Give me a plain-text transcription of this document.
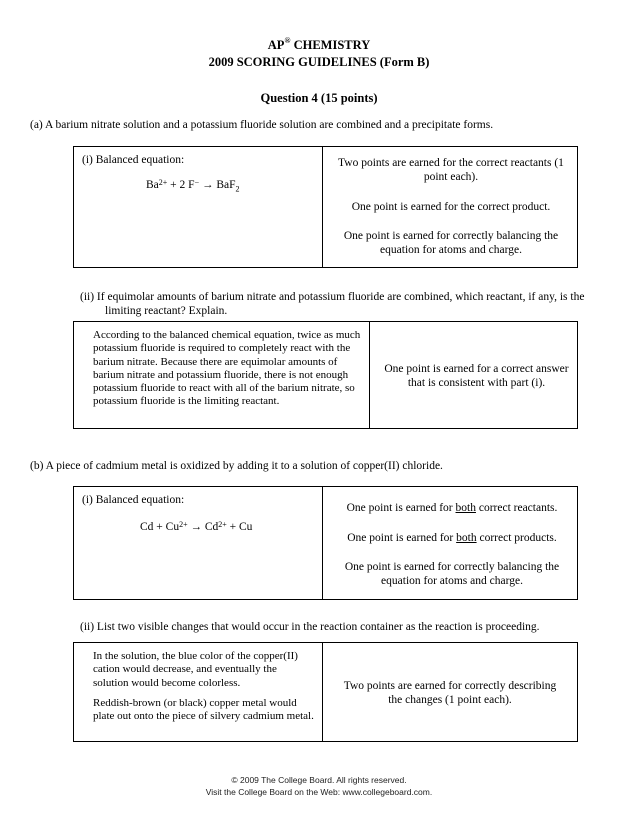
AP® CHEMISTRY
2009 SCORING GUIDELINES (Form B)
Question 4 (15 points)
(a) A barium nitrate solution and a potassium fluoride solution are combined and a precipitate forms.
(i) Balanced equation:
$Ba^{2+} + 2$ F− → BaF$_2$
Two points are earned for the correct reactants (1 point each).
One point is earned for the correct product.
One point is earned for correctly balancing the equation for atoms and charge.
(ii) If equimolar amounts of barium nitrate and potassium fluoride are combined, which reactant, if any, is the limiting reactant? Explain.
According to the balanced chemical equation, twice as much potassium fluoride is required to completely react with the barium nitrate. Because there are equimolar amounts of barium nitrate and potassium fluoride, there is not enough potassium fluoride to react with all of the barium nitrate, so potassium fluoride is the limiting reactant.
One point is earned for a correct answer that is consistent with part (i).
(b) A piece of cadmium metal is oxidized by adding it to a solution of copper(II) chloride.
(i) Balanced equation:
$Cd + Cu^{2+} \to Cd^{2+} + Cu$
One point is earned for both correct reactants.
One point is earned for both correct products.
One point is earned for correctly balancing the equation for atoms and charge.
(ii) List two visible changes that would occur in the reaction container as the reaction is proceeding.
In the solution, the blue color of the copper(II) cation would decrease, and eventually the solution would become colorless.
Reddish-brown (or black) copper metal would plate out onto the piece of silvery cadmium metal.
Two points are earned for correctly describing the changes (1 point each).
© 2009 The College Board. All rights reserved.
Visit the College Board on the Web: www.collegeboard.com.
